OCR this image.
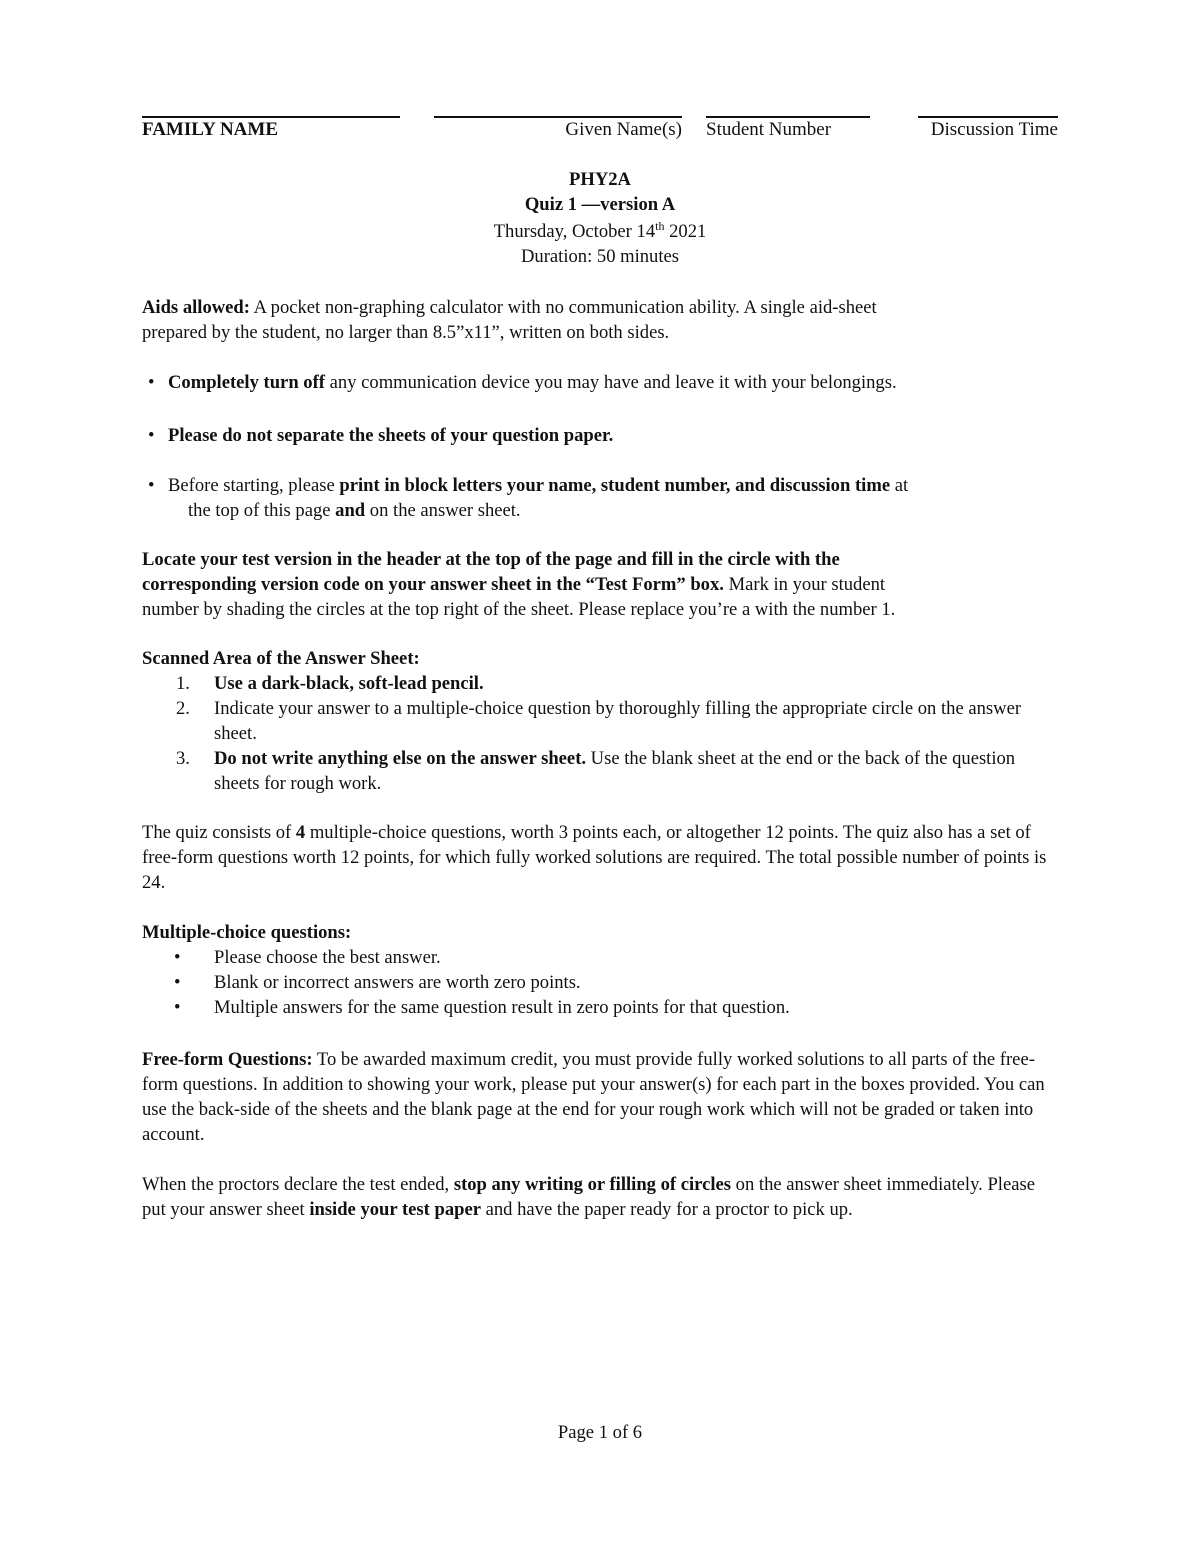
FAMILY NAME	Given Name(s) Student Number	Discussion Time
PHY2A
Quiz 1 —version A
Thursday, October 14th 2021
Duration: 50 minutes
Aids allowed: A pocket non-graphing calculator with no communication ability. A single aid-sheet
prepared by the student, no larger than 8.5”x11”, written on both sides.
• Completely turn off any communication device you may have and leave it with your belongings.
• Please do not separate the sheets of your question paper.
• Before starting, please print in block letters your name, student number, and discussion time at
the top of this page and on the answer sheet.
Locate your test version in the header at the top of the page and fill in the circle with the
corresponding version code on your answer sheet in the “Test Form” box. Mark in your student
number by shading the circles at the top right of the sheet. Please replace you’re a with the number 1.
Scanned Area of the Answer Sheet:
1. Use a dark-black, soft-lead pencil.
2. Indicate your answer to a multiple-choice question by thoroughly filling the appropriate circle on the answer sheet.
3. Do not write anything else on the answer sheet. Use the blank sheet at the end or the back of the question sheets for rough work.
The quiz consists of 4 multiple-choice questions, worth 3 points each, or altogether 12 points. The quiz also has a set of free-form questions worth 12 points, for which fully worked solutions are required. The total possible number of points is 24.
Multiple-choice questions:
• Please choose the best answer.
• Blank or incorrect answers are worth zero points.
• Multiple answers for the same question result in zero points for that question.
Free-form Questions: To be awarded maximum credit, you must provide fully worked solutions to all parts of the free-form questions. In addition to showing your work, please put your answer(s) for each part in the boxes provided. You can use the back-side of the sheets and the blank page at the end for your rough work which will not be graded or taken into account.
When the proctors declare the test ended, stop any writing or filling of circles on the answer sheet immediately. Please put your answer sheet inside your test paper and have the paper ready for a proctor to pick up.
Page 1 of 6
